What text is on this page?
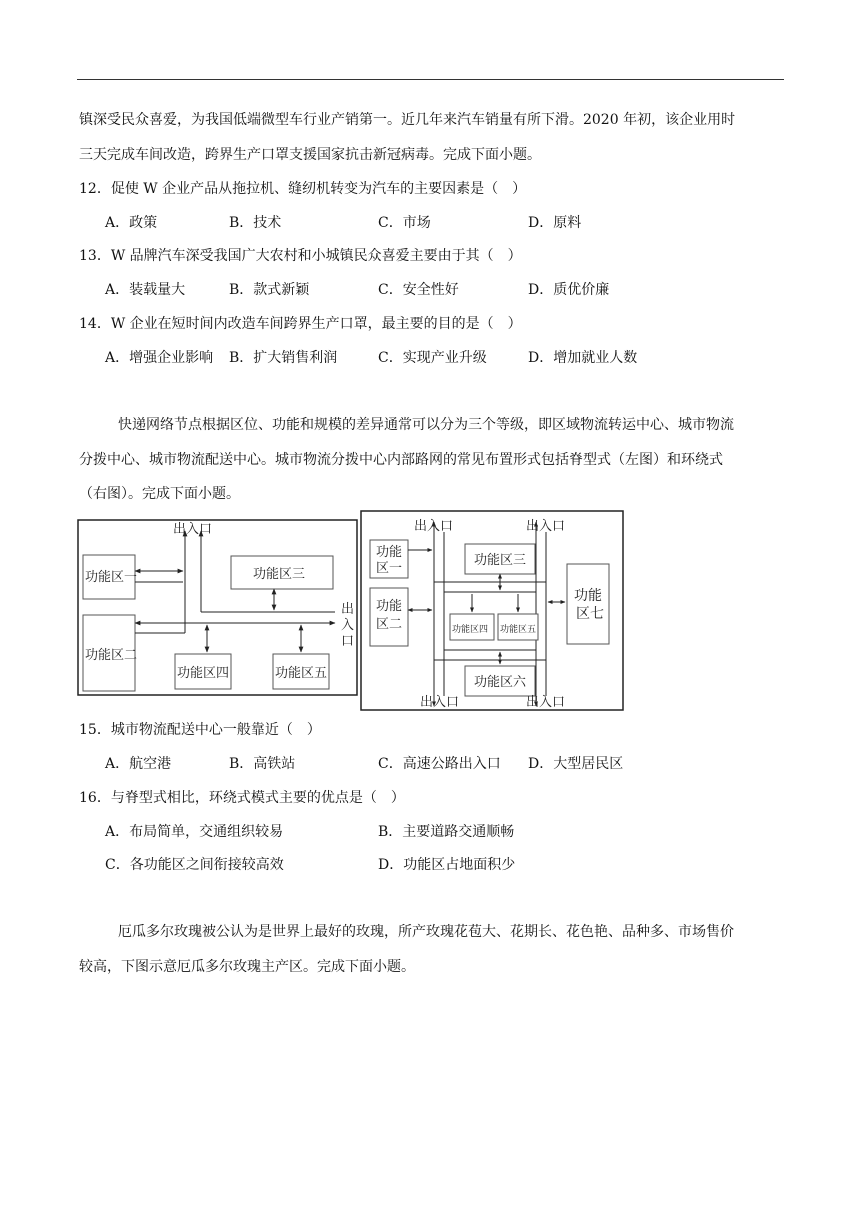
镇深受民众喜爱，为我国低端微型车行业产销第一。近几年来汽车销量有所下滑。2020 年初，该企业用时
三天完成车间改造，跨界生产口罩支援国家抗击新冠病毒。完成下面小题。
12．促使 W 企业产品从拖拉机、缝纫机转变为汽车的主要因素是（　）
A．政策	B．技术	C．市场	D．原料
13．W 品牌汽车深受我国广大农村和小城镇民众喜爱主要由于其（　）
A．装载量大	B．款式新颖	C．安全性好	D．质优价廉
14．W 企业在短时间内改造车间跨界生产口罩，最主要的目的是（　）
A．增强企业影响 B．扩大销售利润	C．实现产业升级	D．增加就业人数
快递网络节点根据区位、功能和规模的差异通常可以分为三个等级，即区域物流转运中心、城市物流
分拨中心、城市物流配送中心。城市物流分拨中心内部路网的常见布置形式包括脊型式（左图）和环绕式
（右图）。完成下面小题。
出入口
出
入
口
功能区一
功能区二
功能区三
功能区四	功能区五
出入口	出入口
出入口	出入口
功能
区一
功能
区二
功能区三
功能区四 功能区五
功能区六
功能
区七
15．城市物流配送中心一般靠近（　）
A．航空港	B．高铁站	C．高速公路出入口 D．大型居民区
16．与脊型式相比，环绕式模式主要的优点是（　）
A．布局简单，交通组织较易	B．主要道路交通顺畅
C．各功能区之间衔接较高效	D．功能区占地面积少
厄瓜多尔玫瑰被公认为是世界上最好的玫瑰，所产玫瑰花苞大、花期长、花色艳、品种多、市场售价
较高，下图示意厄瓜多尔玫瑰主产区。完成下面小题。
